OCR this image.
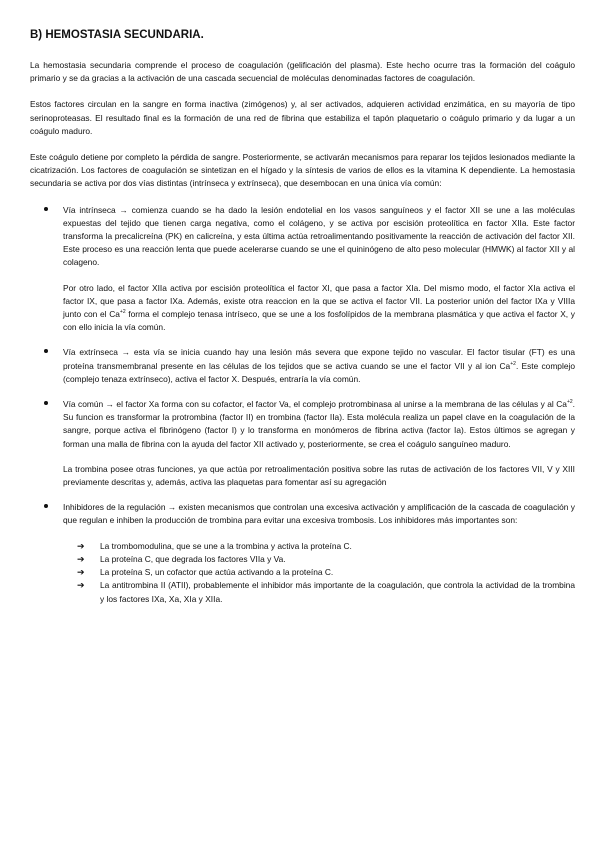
B) HEMOSTASIA SECUNDARIA.

La hemostasia secundaria comprende el proceso de coagulación (gelificación del plasma). Este hecho ocurre tras la formación del coágulo primario y se da gracias a la activación de una cascada secuencial de moléculas denominadas factores de coagulación.

Estos factores circulan en la sangre en forma inactiva (zimógenos) y, al ser activados, adquieren actividad enzimática, en su mayoría de tipo serinoproteasas. El resultado final es la formación de una red de fibrina que estabiliza el tapón plaquetario o coágulo primario y da lugar a un coágulo maduro.

Este coágulo detiene por completo la pérdida de sangre. Posteriormente, se activarán mecanismos para reparar los tejidos lesionados mediante la cicatrización. Los factores de coagulación se sintetizan en el hígado y la síntesis de varios de ellos es la vitamina K dependiente. La hemostasia secundaria se activa por dos vías distintas (intrínseca y extrínseca), que desembocan en una única vía común:

Vía intrínseca → comienza cuando se ha dado la lesión endotelial en los vasos sanguíneos y el factor XII se une a las moléculas expuestas del tejido que tienen carga negativa, como el colágeno, y se activa por escisión proteolítica en factor XIIa. Este factor transforma la precalicreína (PK) en calicreína, y esta última actúa retroalimentando positivamente la reacción de activación del factor XII. Este proceso es una reacción lenta que puede acelerarse cuando se une el quininógeno de alto peso molecular (HMWK) al factor XII y al colageno.

Por otro lado, el factor XIIa activa por escisión proteolítica el factor XI, que pasa a factor XIa. Del mismo modo, el factor XIa activa el factor IX, que pasa a factor IXa. Además, existe otra reaccion en la que se activa el factor VII. La posterior unión del factor IXa y VIIIa junto con el $Ca^{+2}$ forma el complejo tenasa intríseco, que se une a los fosfolípidos de la membrana plasmática y que activa el factor X, y con ello inicia la vía común.

Vía extrínseca → esta vía se inicia cuando hay una lesión más severa que expone tejido no vascular. El factor tisular (FT) es una proteína transmembranal presente en las células de los tejidos que se activa cuando se une el factor VII y al ion $Ca^{+2}$. Este complejo (complejo tenaza extrínseco), activa el factor X. Después, entraría la vía común.

Vía común → el factor Xa forma con su cofactor, el factor Va, el complejo protrombinasa al unirse a la membrana de las células y al $Ca^{+2}$. Su funcion es transformar la protrombina (factor II) en trombina (factor IIa). Esta molécula realiza un papel clave en la coagulación de la sangre, porque activa el fibrinógeno (factor I) y lo transforma en monómeros de fibrina activa (factor Ia). Estos últimos se agregan y forman una malla de fibrina con la ayuda del factor XII activado y, posteriormente, se crea el coágulo sanguíneo maduro.

La trombina posee otras funciones, ya que actúa por retroalimentación positiva sobre las rutas de activación de los factores VII, V y XIII previamente descritas y, además, activa las plaquetas para fomentar así su agregación

Inhibidores de la regulación → existen mecanismos que controlan una excesiva activación y amplificación de la cascada de coagulación y que regulan e inhiben la producción de trombina para evitar una excesiva trombosis. Los inhibidores más importantes son:

➔ La trombomodulina, que se une a la trombina y activa la proteína C.
➔ La proteína C, que degrada los factores VIIa y Va.
➔ La proteína S, un cofactor que actúa activando a la proteína C.
➔ La antitrombina II (ATII), probablemente el inhibidor más importante de la coagulación, que controla la actividad de la trombina y los factores IXa, Xa, XIa y XIIa.
